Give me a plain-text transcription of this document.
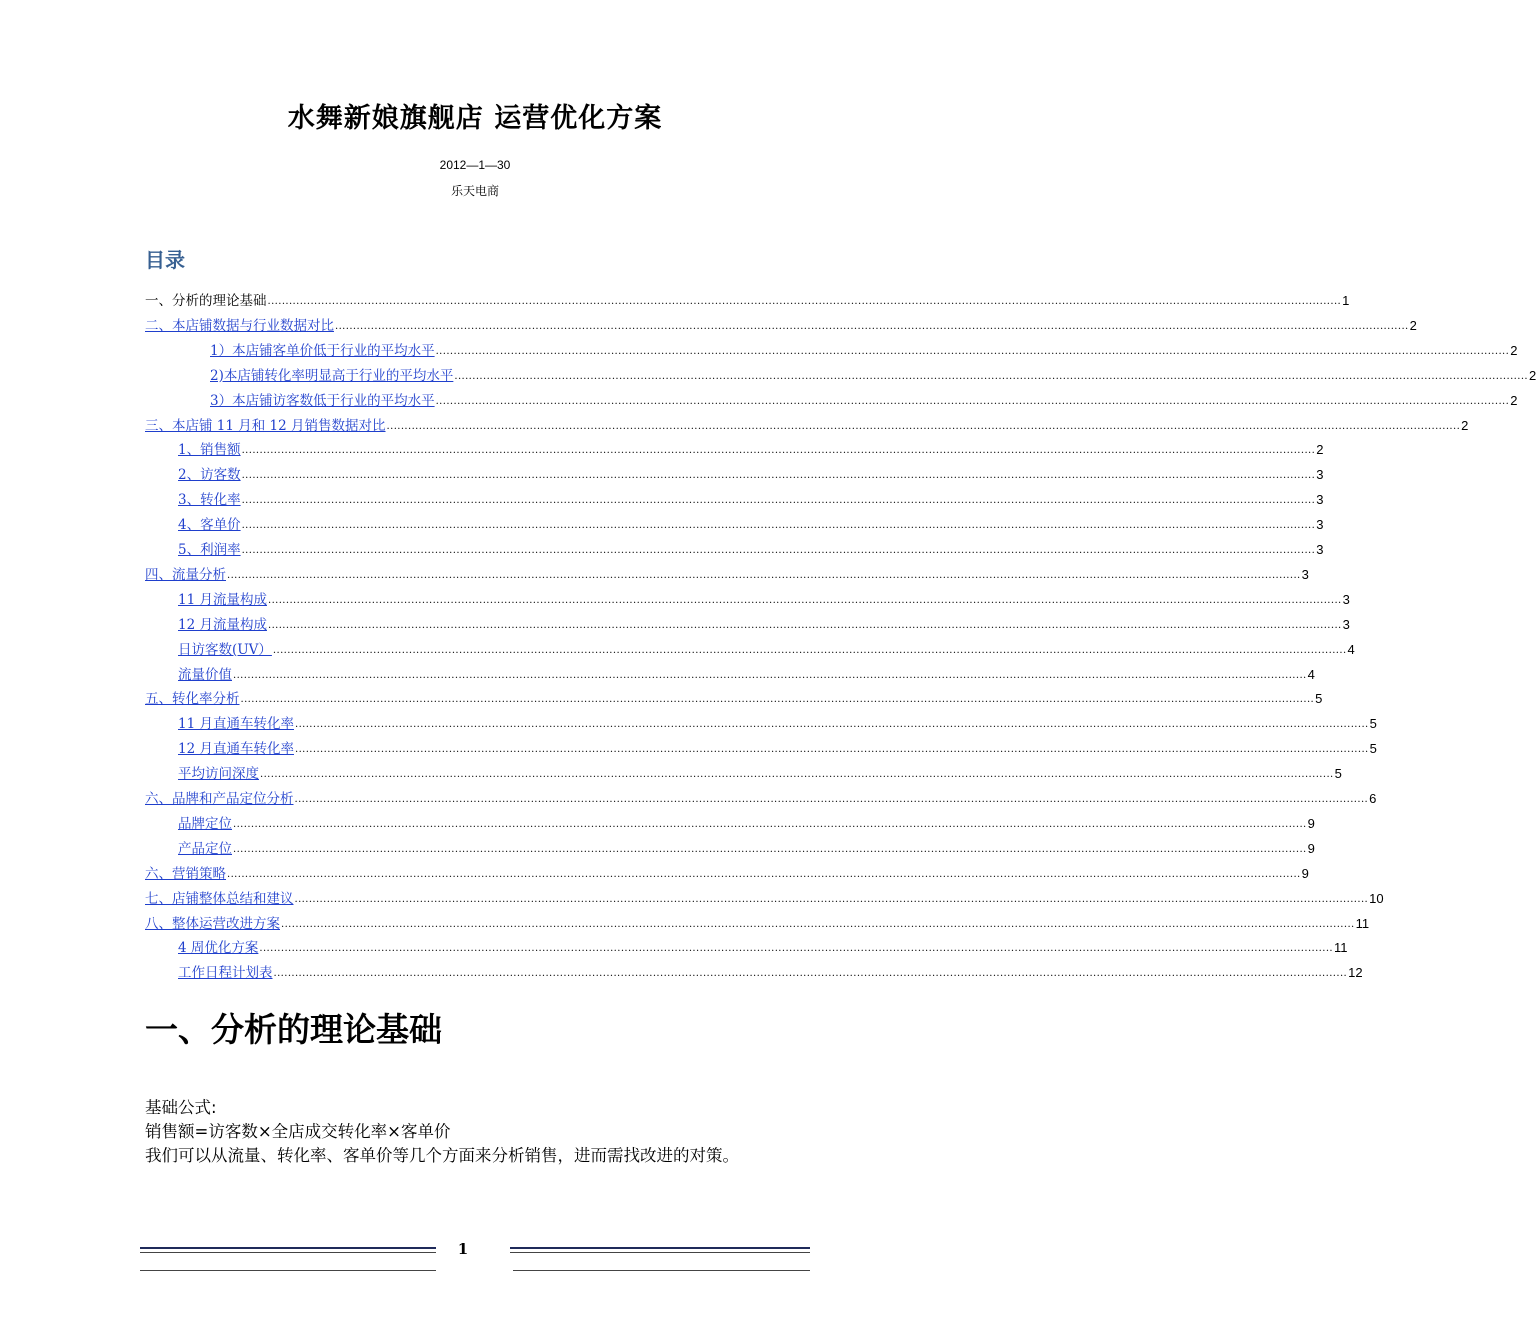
水舞新娘旗舰店 运营优化方案
2012—1—30
乐天电商
目录
一、分析的理论基础 ............................................................................................................................................................................................................................................................................................................ 1
二、本店铺数据与行业数据对比 ............................................................................................................................................................................................................................................................................................................ 2
1）本店铺客单价低于行业的平均水平 ............................................................................................................................................................................................................................................................................................................ 2
2)本店铺转化率明显高于行业的平均水平 ............................................................................................................................................................................................................................................................................................................ 2
3）本店铺访客数低于行业的平均水平 ............................................................................................................................................................................................................................................................................................................ 2
三、本店铺 11 月和 12 月销售数据对比 ............................................................................................................................................................................................................................................................................................................ 2
1、销售额 ............................................................................................................................................................................................................................................................................................................ 2
2、访客数 ............................................................................................................................................................................................................................................................................................................ 3
3、转化率 ............................................................................................................................................................................................................................................................................................................ 3
4、客单价 ............................................................................................................................................................................................................................................................................................................ 3
5、利润率 ............................................................................................................................................................................................................................................................................................................ 3
四、流量分析 ............................................................................................................................................................................................................................................................................................................ 3
11 月流量构成 ............................................................................................................................................................................................................................................................................................................ 3
12 月流量构成 ............................................................................................................................................................................................................................................................................................................ 3
日访客数(UV） ............................................................................................................................................................................................................................................................................................................ 4
流量价值 ............................................................................................................................................................................................................................................................................................................ 4
五、转化率分析 ............................................................................................................................................................................................................................................................................................................ 5
11 月直通车转化率 ............................................................................................................................................................................................................................................................................................................ 5
12 月直通车转化率 ............................................................................................................................................................................................................................................................................................................ 5
平均访问深度 ............................................................................................................................................................................................................................................................................................................ 5
六、品牌和产品定位分析 ............................................................................................................................................................................................................................................................................................................ 6
品牌定位 ............................................................................................................................................................................................................................................................................................................ 9
产品定位 ............................................................................................................................................................................................................................................................................................................ 9
六、营销策略 ............................................................................................................................................................................................................................................................................................................ 9
七、店铺整体总结和建议 ............................................................................................................................................................................................................................................................................................................ 10
八、整体运营改进方案 ............................................................................................................................................................................................................................................................................................................ 11
4 周优化方案 ............................................................................................................................................................................................................................................................................................................ 11
工作日程计划表 ............................................................................................................................................................................................................................................................................................................ 12
一、分析的理论基础
基础公式:
销售额=访客数×全店成交转化率×客单价
我们可以从流量、转化率、客单价等几个方面来分析销售，进而需找改进的对策。
1
